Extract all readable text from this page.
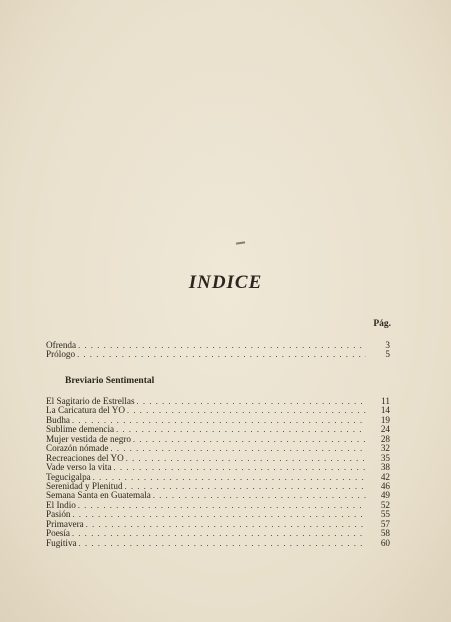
INDICE
Pág.
Ofrenda . . .	3
Prólogo . . .	5
Breviario Sentimental
El Sagitario de Estrellas . . .	11
La Caricatura del YO . . .	14
Budha . . .	19
Sublime demencia . . .	24
Mujer vestida de negro . . .	28
Corazón nómade . . .	32
Recreaciones del YO . . .	35
Vade verso la vita . . .	38
Tegucigalpa . . .	42
Serenidad y Plenitud . . .	46
Semana Santa en Guatemala . . .	49
El Indio . . .	52
Pasión . . .	55
Primavera . . .	57
Poesía . . .	58
Fugitiva . . .	60
